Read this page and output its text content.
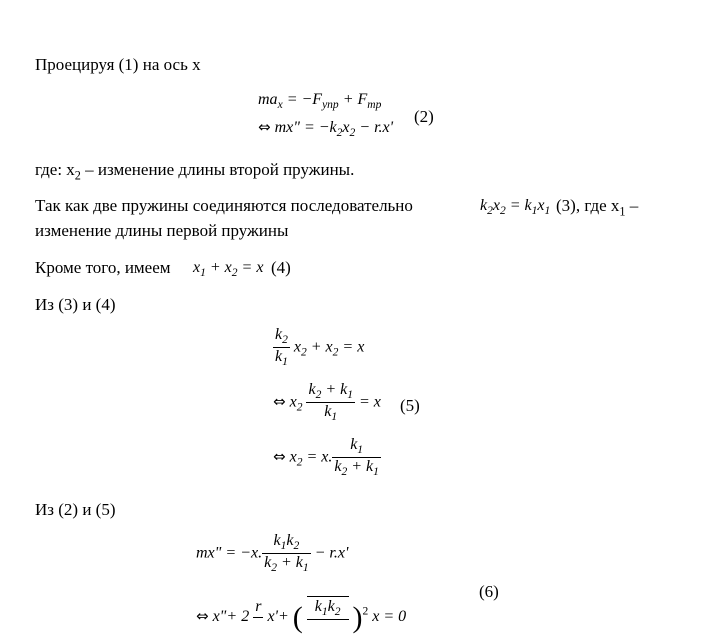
Проецируя (1) на ось x
$ma_x = -F_{упр} + F_{тр}$
⇔ mx" = $-k_2x_2 - r.x'$
(2)
где: $x_2$ – изменение длины второй пружины.
Так как две пружины соединяются последовательно	$k_2x_2 = k_1x_1$ (3), где $x_1$ –
изменение длины первой пружины
Кроме того, имеем $x_1 + x_2 = x$ (4)
Из (3) и (4)
$\frac{k_2}{k_1} x_2 + x_2 = x$
⇔ $x_2 \frac{k_2 + k_1}{k_1} = x$ (5)
⇔ $x_2 = x$. $\frac{k_1}{k_2 + k_1}$
Из (2) и (5)
mx" = −x. $\frac{k_1k_2}{k_2 + k_1} - r.x'$
(6)
⇔ x"+ 2
r

x'+ ( $k_1k_2$
)$^2$ x = 0
